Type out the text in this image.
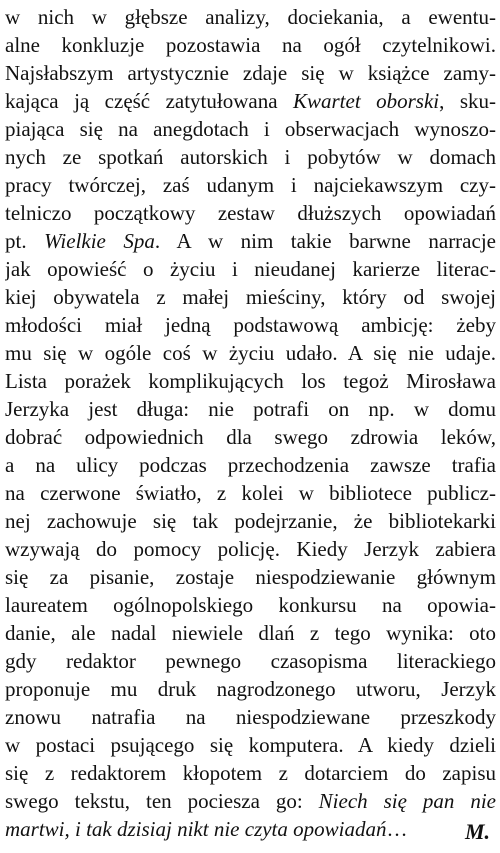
w nich w głębsze analizy, dociekania, a ewentu-
alne konkluzje pozostawia na ogół czytelnikowi.
Najsłabszym artystycznie zdaje się w książce zamy-
kająca ją część zatytułowana Kwartet oborski, sku-
piająca się na anegdotach i obserwacjach wynoszo-
nych ze spotkań autorskich i pobytów w domach
pracy twórczej, zaś udanym i najciekawszym czy-
telniczo początkowy zestaw dłuższych opowiadań
pt. Wielkie Spa. A w nim takie barwne narracje
jak opowieść o życiu i nieudanej karierze literac-
kiej obywatela z małej mieściny, który od swojej
młodości miał jedną podstawową ambicję: żeby
mu się w ogóle coś w życiu udało. A się nie udaje.
Lista porażek komplikujących los tegoż Mirosława
Jerzyka jest długa: nie potrafi on np. w domu
dobrać odpowiednich dla swego zdrowia leków,
a na ulicy podczas przechodzenia zawsze trafia
na czerwone światło, z kolei w bibliotece publicz-
nej zachowuje się tak podejrzanie, że bibliotekarki
wzywają do pomocy policję. Kiedy Jerzyk zabiera
się za pisanie, zostaje niespodziewanie głównym
laureatem ogólnopolskiego konkursu na opowia-
danie, ale nadal niewiele dlań z tego wynika: oto
gdy redaktor pewnego czasopisma literackiego
proponuje mu druk nagrodzonego utworu, Jerzyk
znowu natrafia na niespodziewane przeszkody
w postaci psującego się komputera. A kiedy dzieli
się z redaktorem kłopotem z dotarciem do zapisu
swego tekstu, ten pociesza go: Niech się pan nie
martwi, i tak dzisiaj nikt nie czyta opowiadań…	M.
